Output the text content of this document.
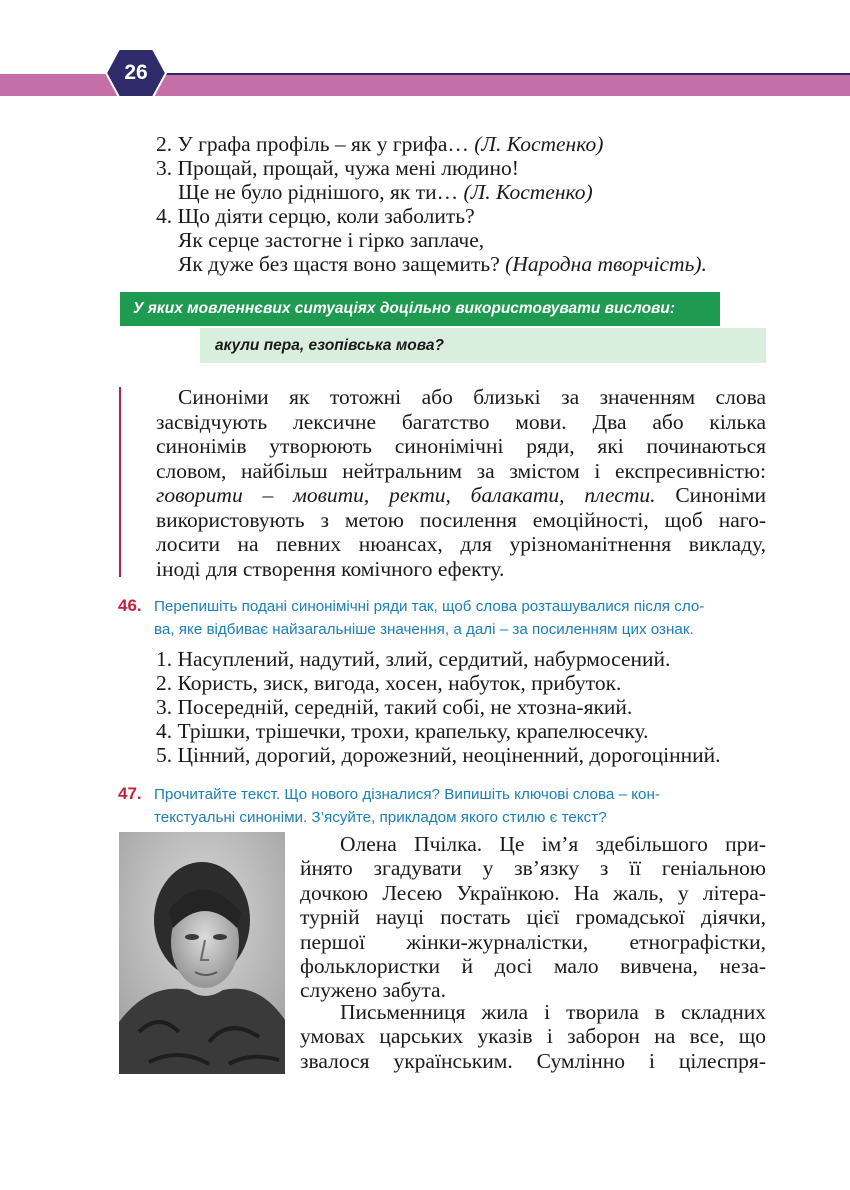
26
2. У графа профіль – як у грифа… (Л. Костенко)
3. Прощай, прощай, чужа мені людино!
Ще не було ріднішого, як ти… (Л. Костенко)
4. Що діяти серцю, коли заболить?
Як серце застогне і гірко заплаче,
Як дуже без щастя воно защемить? (Народна творчість).
У яких мовленнєвих ситуаціях доцільно використовувати вислови:
акули пера, езопівська мова?
Синоніми як тотожні або близькі за значенням слова
засвідчують лексичне багатство мови. Два або кілька
синонімів утворюють синонімічні ряди, які починаються
словом, найбільш нейтральним за змістом і експресивністю:
говорити – мовити, ректи, балакати, плести. Синоніми
використовують з метою посилення емоційності, щоб наго-
лосити на певних нюансах, для урізноманітнення викладу,
іноді для створення комічного ефекту.
46. Перепишіть подані синонімічні ряди так, щоб слова розташувалися після сло-
ва, яке відбиває найзагальніше значення, а далі – за посиленням цих ознак.
1. Насуплений, надутий, злий, сердитий, набурмосений.
2. Користь, зиск, вигода, хосен, набуток, прибуток.
3. Посередній, середній, такий собі, не хтозна-який.
4. Трішки, трішечки, трохи, крапельку, крапелюсечку.
5. Цінний, дорогий, дорожезний, неоціненний, дорогоцінний.
47. Прочитайте текст. Що нового дізналися? Випишіть ключові слова – кон-
текстуальні синоніми. З’ясуйте, прикладом якого стилю є текст?
Олена Пчілка. Це ім’я здебільшого при-
йнято згадувати у зв’язку з її геніальною
дочкою Лесею Українкою. На жаль, у літера-
турній науці постать цієї громадської діячки,
першої жінки-журналістки, етнографістки,
фольклористки й досі мало вивчена, неза-
служено забута.
Письменниця жила і творила в складних
умовах царських указів і заборон на все, що
звалося українським. Сумлінно і цілеспря-
